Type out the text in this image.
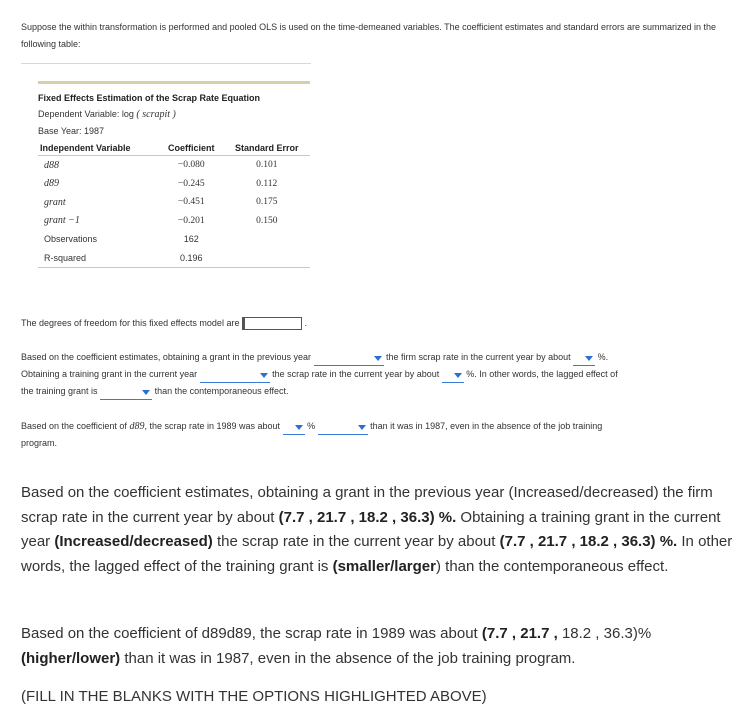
Suppose the within transformation is performed and pooled OLS is used on the time-demeaned variables. The coefficient estimates and standard errors are summarized in the following table:
Fixed Effects Estimation of the Scrap Rate Equation
Dependent Variable: log ( scrapit )
Base Year: 1987
Independent Variable	Coefficient	Standard Error
d88	−0.080	0.101
d89	−0.245	0.112
grant	−0.451	0.175
grant −1	−0.201	0.150
Observations	162	
R-squared	0.196	
The degrees of freedom for this fixed effects model are	.
Based on the coefficient estimates, obtaining a grant in the previous year	the firm scrap rate in the current year by about	%.
Obtaining a training grant in the current year	the scrap rate in the current year by about	%. In other words, the lagged effect of
the training grant is	than the contemporaneous effect.
Based on the coefficient of d89, the scrap rate in 1989 was about	%	than it was in 1987, even in the absence of the job training
program.
Based on the coefficient estimates, obtaining a grant in the previous year (Increased/decreased) the firm scrap rate in the current year by about (7.7 , 21.7 , 18.2 , 36.3) %. Obtaining a training grant in the current year (Increased/decreased) the scrap rate in the current year by about (7.7 , 21.7 , 18.2 , 36.3) %. In other words, the lagged effect of the training grant is (smaller/larger) than the contemporaneous effect.
Based on the coefficient of d89d89, the scrap rate in 1989 was about (7.7 , 21.7 , 18.2 , 36.3)%
(higher/lower) than it was in 1987, even in the absence of the job training program.
(FILL IN THE BLANKS WITH THE OPTIONS HIGHLIGHTED ABOVE)
